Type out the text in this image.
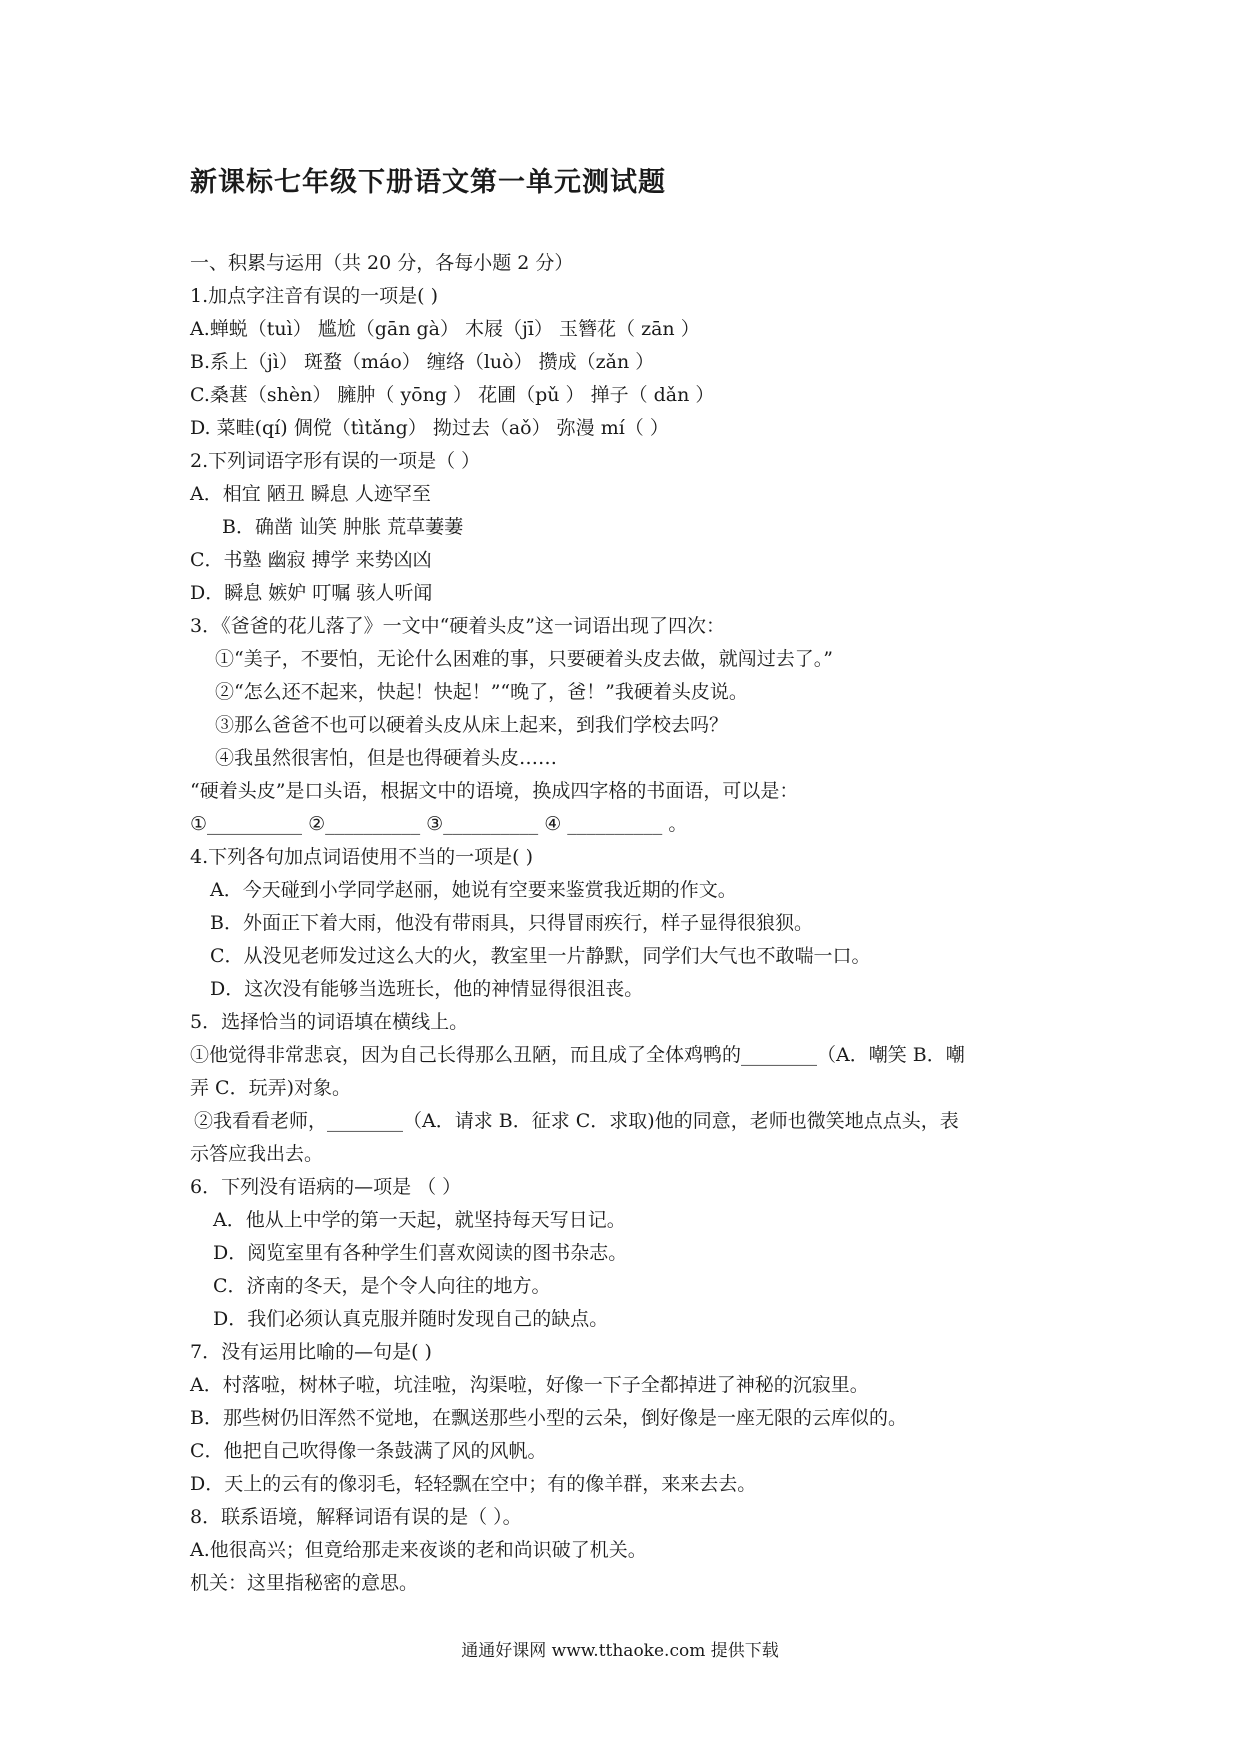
新课标七年级下册语文第一单元测试题
一、积累与运用（共 20 分，各每小题 2 分）
1.加点字注音有误的一项是( )
A.蝉蜕（tuì） 尴尬（gān gà） 木屐（jī） 玉簪花（ zān ）
B.系上（jì） 斑蝥（máo） 缠络（luò） 攒成（zǎn ）
C.桑葚（shèn） 臃肿（ yōng ） 花圃（pǔ ） 掸子（ dǎn ）
D. 菜畦(qí) 倜傥（tìtǎng） 拗过去（aǒ） 弥漫 mí（ ）
2.下列词语字形有误的一项是（ ）
A．相宜 陋丑 瞬息 人迹罕至
B．确凿 讪笑 肿胀 荒草萋萋
C．书塾 幽寂 搏学 来势凶凶
D．瞬息 嫉妒 叮嘱 骇人听闻
3．《爸爸的花儿落了》一文中“硬着头皮”这一词语出现了四次：
①“美子，不要怕，无论什么困难的事，只要硬着头皮去做，就闯过去了。”
②“怎么还不起来，快起！快起！”“晚了，爸！”我硬着头皮说。
③那么爸爸不也可以硬着头皮从床上起来，到我们学校去吗？
④我虽然很害怕，但是也得硬着头皮……
“硬着头皮”是口头语，根据文中的语境，换成四字格的书面语，可以是：
①__________ ②__________ ③__________ ④ __________ 。
4.下列各句加点词语使用不当的一项是( )
A．今天碰到小学同学赵丽，她说有空要来鉴赏我近期的作文。
B．外面正下着大雨，他没有带雨具，只得冒雨疾行，样子显得很狼狈。
C．从没见老师发过这么大的火，教室里一片静默，同学们大气也不敢喘一口。
D．这次没有能够当选班长，他的神情显得很沮丧。
5．选择恰当的词语填在横线上。
①他觉得非常悲哀，因为自己长得那么丑陋，而且成了全体鸡鸭的________（A．嘲笑 B．嘲
弄 C．玩弄)对象。
②我看看老师，________（A．请求 B．征求 C．求取)他的同意，老师也微笑地点点头，表
示答应我出去。
6．下列没有语病的—项是 （ ）
A．他从上中学的第一天起，就坚持每天写日记。
D．阅览室里有各种学生们喜欢阅读的图书杂志。
C．济南的冬天，是个令人向往的地方。
D．我们必须认真克服并随时发现自己的缺点。
7．没有运用比喻的—句是( )
A．村落啦，树林子啦，坑洼啦，沟渠啦，好像一下子全都掉进了神秘的沉寂里。
B．那些树仍旧浑然不觉地，在飘送那些小型的云朵，倒好像是一座无限的云库似的。
C．他把自己吹得像一条鼓满了风的风帆。
D．天上的云有的像羽毛，轻轻飘在空中；有的像羊群，来来去去。
8．联系语境，解释词语有误的是（ ）。
A.他很高兴；但竟给那走来夜谈的老和尚识破了机关。
机关：这里指秘密的意思。
通通好课网 www.tthaoke.com 提供下载
